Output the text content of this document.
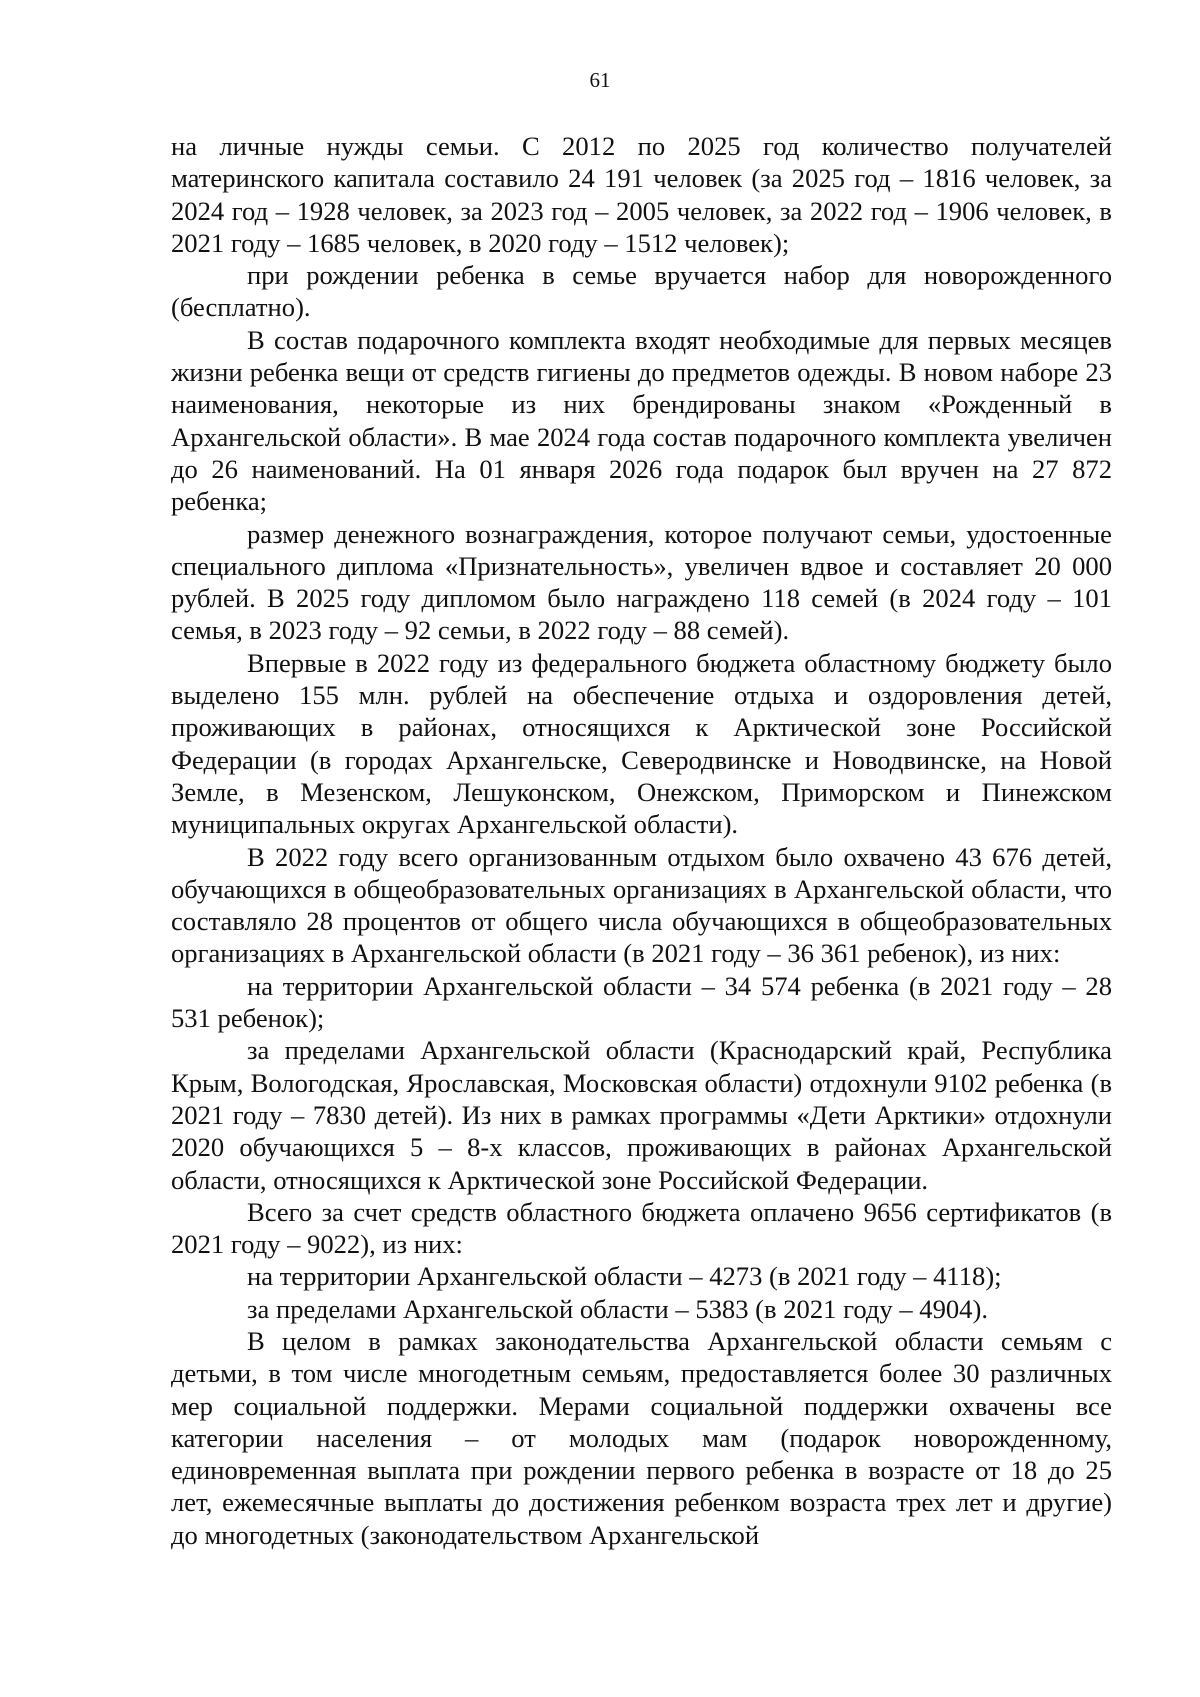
61

на личные нужды семьи. С 2012 по 2025 год количество получателей материнского капитала составило 24 191 человек (за 2025 год – 1816 человек, за 2024 год – 1928 человек, за 2023 год – 2005 человек, за 2022 год – 1906 человек, в 2021 году – 1685 человек, в 2020 году – 1512 человек);

при рождении ребенка в семье вручается набор для новорожденного (бесплатно).

В состав подарочного комплекта входят необходимые для первых месяцев жизни ребенка вещи от средств гигиены до предметов одежды. В новом наборе 23 наименования, некоторые из них брендированы знаком «Рожденный в Архангельской области». В мае 2024 года состав подарочного комплекта увеличен до 26 наименований. На 01 января 2026 года подарок был вручен на 27 872 ребенка;

размер денежного вознаграждения, которое получают семьи, удостоенные специального диплома «Признательность», увеличен вдвое и составляет 20 000 рублей. В 2025 году дипломом было награждено 118 семей (в 2024 году – 101 семья, в 2023 году – 92 семьи, в 2022 году – 88 семей).

Впервые в 2022 году из федерального бюджета областному бюджету было выделено 155 млн. рублей на обеспечение отдыха и оздоровления детей, проживающих в районах, относящихся к Арктической зоне Российской Федерации (в городах Архангельске, Северодвинске и Новодвинске, на Новой Земле, в Мезенском, Лешуконском, Онежском, Приморском и Пинежском муниципальных округах Архангельской области).

В 2022 году всего организованным отдыхом было охвачено 43 676 детей, обучающихся в общеобразовательных организациях в Архангельской области, что составляло 28 процентов от общего числа обучающихся в общеобразовательных организациях в Архангельской области (в 2021 году – 36 361 ребенок), из них:

на территории Архангельской области – 34 574 ребенка (в 2021 году – 28 531 ребенок);

за пределами Архангельской области (Краснодарский край, Республика Крым, Вологодская, Ярославская, Московская области) отдохнули 9102 ребенка (в 2021 году – 7830 детей). Из них в рамках программы «Дети Арктики» отдохнули 2020 обучающихся 5 – 8-х классов, проживающих в районах Архангельской области, относящихся к Арктической зоне Российской Федерации.

Всего за счет средств областного бюджета оплачено 9656 сертификатов (в 2021 году – 9022), из них:

на территории Архангельской области – 4273 (в 2021 году – 4118);

за пределами Архангельской области – 5383 (в 2021 году – 4904).

В целом в рамках законодательства Архангельской области семьям с детьми, в том числе многодетным семьям, предоставляется более 30 различных мер социальной поддержки. Мерами социальной поддержки охвачены все категории населения – от молодых мам (подарок новорожденному, единовременная выплата при рождении первого ребенка в возрасте от 18 до 25 лет, ежемесячные выплаты до достижения ребенком возраста трех лет и другие) до многодетных (законодательством Архангельской
